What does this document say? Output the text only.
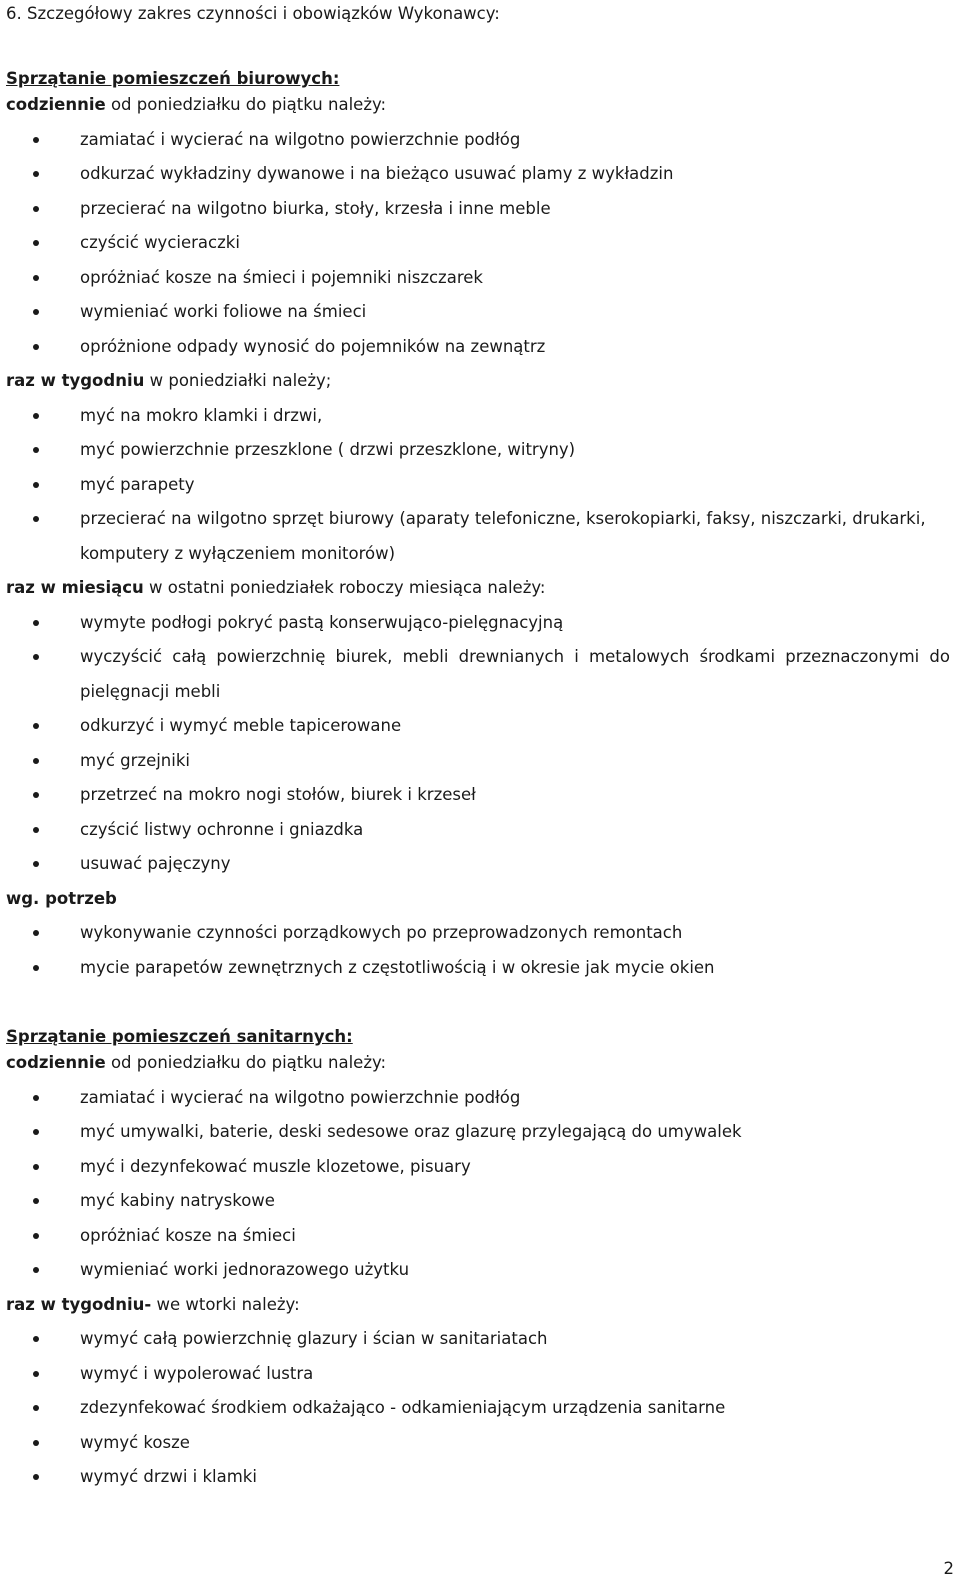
6. Szczegółowy zakres czynności i obowiązków Wykonawcy:
Sprzątanie pomieszczeń biurowych:
codziennie od poniedziałku do piątku należy:
zamiatać i wycierać na wilgotno powierzchnie podłóg
odkurzać wykładziny dywanowe i na bieżąco usuwać plamy z wykładzin
przecierać na wilgotno biurka, stoły, krzesła i inne meble
czyścić wycieraczki
opróżniać kosze na śmieci i pojemniki niszczarek
wymieniać worki foliowe na śmieci
opróżnione odpady wynosić do pojemników na zewnątrz
raz w tygodniu w poniedziałki należy;
myć na mokro klamki i drzwi,
myć powierzchnie przeszklone ( drzwi przeszklone, witryny)
myć parapety
przecierać na wilgotno sprzęt biurowy (aparaty telefoniczne, kserokopiarki, faksy, niszczarki, drukarki, komputery z wyłączeniem monitorów)
raz w miesiącu w ostatni poniedziałek roboczy miesiąca należy:
wymyte podłogi pokryć pastą konserwująco-pielęgnacyjną
wyczyścić całą powierzchnię biurek, mebli drewnianych i metalowych środkami przeznaczonymi do pielęgnacji mebli
odkurzyć i wymyć meble tapicerowane
myć grzejniki
przetrzeć na mokro nogi stołów, biurek i krzeseł
czyścić listwy ochronne i gniazdka
usuwać pajęczyny
wg. potrzeb
wykonywanie czynności porządkowych po przeprowadzonych remontach
mycie parapetów zewnętrznych z częstotliwością i w okresie jak mycie okien
Sprzątanie pomieszczeń sanitarnych:
codziennie od poniedziałku do piątku należy:
zamiatać i wycierać na wilgotno powierzchnie podłóg
myć umywalki, baterie, deski sedesowe oraz glazurę przylegającą do umywalek
myć i dezynfekować muszle klozetowe, pisuary
myć kabiny natryskowe
opróżniać kosze na śmieci
wymieniać worki jednorazowego użytku
raz w tygodniu- we wtorki należy:
wymyć całą powierzchnię glazury i ścian w sanitariatach
wymyć i wypolerować lustra
zdezynfekować środkiem odkażająco - odkamieniającym urządzenia sanitarne
wymyć kosze
wymyć drzwi i klamki
2
